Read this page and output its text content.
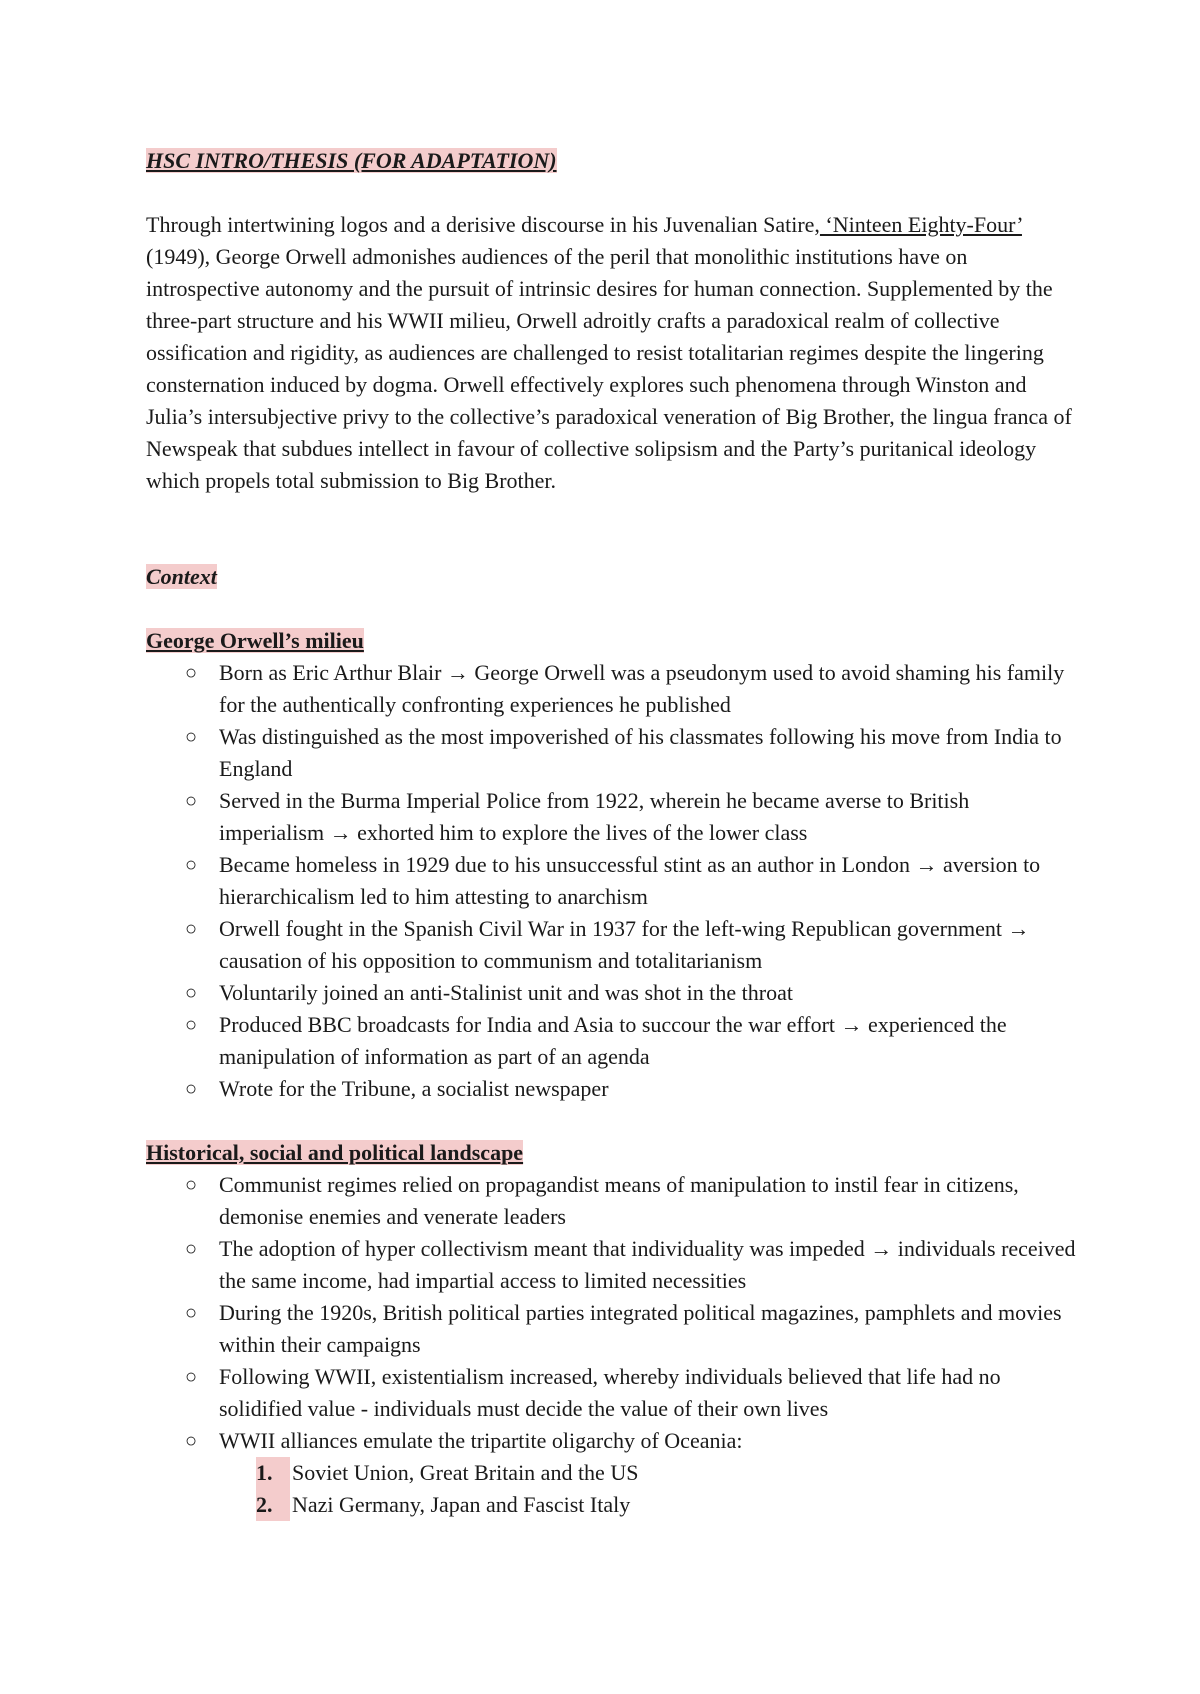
HSC INTRO/THESIS (FOR ADAPTATION)

Through intertwining logos and a derisive discourse in his Juvenalian Satire, ‘Ninteen Eighty-Four’ (1949), George Orwell admonishes audiences of the peril that monolithic institutions have on introspective autonomy and the pursuit of intrinsic desires for human connection. Supplemented by the three-part structure and his WWII milieu, Orwell adroitly crafts a paradoxical realm of collective ossification and rigidity, as audiences are challenged to resist totalitarian regimes despite the lingering consternation induced by dogma. Orwell effectively explores such phenomena through Winston and Julia’s intersubjective privy to the collective’s paradoxical veneration of Big Brother, the lingua franca of Newspeak that subdues intellect in favour of collective solipsism and the Party’s puritanical ideology which propels total submission to Big Brother.

Context

George Orwell’s milieu

○ Born as Eric Arthur Blair → George Orwell was a pseudonym used to avoid shaming his family for the authentically confronting experiences he published
○ Was distinguished as the most impoverished of his classmates following his move from India to England
○ Served in the Burma Imperial Police from 1922, wherein he became averse to British imperialism → exhorted him to explore the lives of the lower class
○ Became homeless in 1929 due to his unsuccessful stint as an author in London → aversion to hierarchicalism led to him attesting to anarchism
○ Orwell fought in the Spanish Civil War in 1937 for the left-wing Republican government → causation of his opposition to communism and totalitarianism
○ Voluntarily joined an anti-Stalinist unit and was shot in the throat
○ Produced BBC broadcasts for India and Asia to succour the war effort → experienced the manipulation of information as part of an agenda
○ Wrote for the Tribune, a socialist newspaper

Historical, social and political landscape

○ Communist regimes relied on propagandist means of manipulation to instil fear in citizens, demonise enemies and venerate leaders
○ The adoption of hyper collectivism meant that individuality was impeded → individuals received the same income, had impartial access to limited necessities
○ During the 1920s, British political parties integrated political magazines, pamphlets and movies within their campaigns
○ Following WWII, existentialism increased, whereby individuals believed that life had no solidified value - individuals must decide the value of their own lives
○ WWII alliances emulate the tripartite oligarchy of Oceania:
1. Soviet Union, Great Britain and the US
2. Nazi Germany, Japan and Fascist Italy
